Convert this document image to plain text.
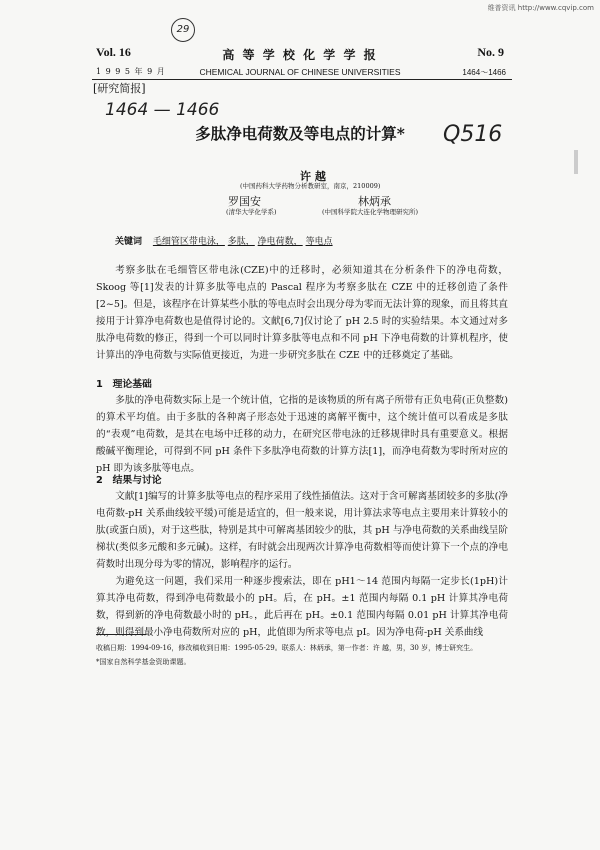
维普资讯 http://www.cqvip.com
29
Vol. 16
1 9 9 5 年 9 月
高 等 学 校 化 学 学 报
CHEMICAL JOURNAL OF CHINESE UNIVERSITIES
No. 9
1464～1466
[研究简报]
1464 — 1466
多肽净电荷数及等电点的计算*	Q516
许 越
(中国药科大学药物分析教研室，南京，210009)
罗国安	林炳承
(清华大学化学系)	(中国科学院大连化学物理研究所)
关键词 毛细管区带电泳， 多肽， 净电荷数， 等电点

考察多肽在毛细管区带电泳(CZE)中的迁移时，必须知道其在分析条件下的净电荷数，Skoog 等[1]发表的计算多肽等电点的 Pascal 程序为考察多肽在 CZE 中的迁移创造了条件[2~5]。但是，该程序在计算某些小肽的等电点时会出现分母为零而无法计算的现象，而且将其直接用于计算净电荷数也是值得讨论的。文献[6,7]仅讨论了 pH 2.5 时的实验结果。本文通过对多肽净电荷数的修正，得到一个可以同时计算多肽等电点和不同 pH 下净电荷数的计算机程序，使计算出的净电荷数与实际值更接近，为进一步研究多肽在 CZE 中的迁移奠定了基础。

1　理论基础

多肽的净电荷数实际上是一个统计值，它指的是该物质的所有离子所带有正负电荷(正负整数)的算术平均值。由于多肽的各种离子形态处于迅速的离解平衡中，这个统计值可以看成是多肽的“表观”电荷数，是其在电场中迁移的动力，在研究区带电泳的迁移规律时具有重要意义。根据酸碱平衡理论，可得到不同 pH 条件下多肽净电荷数的计算方法[1]，而净电荷数为零时所对应的 pH 即为该多肽等电点。

2　结果与讨论

文献[1]编写的计算多肽等电点的程序采用了线性插值法。这对于含可解离基团较多的多肽(净电荷数-pH 关系曲线较平缓)可能是适宜的，但一般来说，用计算法求等电点主要用来计算较小的肽(或蛋白质)，对于这些肽，特别是其中可解离基团较少的肽，其 pH 与净电荷数的关系曲线呈阶梯状(类似多元酸和多元碱)。这样，有时就会出现两次计算净电荷数相等而使计算下一个点的净电荷数时出现分母为零的情况，影响程序的运行。

为避免这一问题，我们采用一种逐步搜索法，即在 pH1～14 范围内每隔一定步长(1pH)计算其净电荷数，得到净电荷数最小的 pH。后，在 pH。±1 范围内每隔 0.1 pH 计算其净电荷数，得到新的净电荷数最小时的 pH。，此后再在 pH。±0.1 范围内每隔 0.01 pH 计算其净电荷数，则得到最小净电荷数所对应的 pH，此值即为所求等电点 pI。因为净电荷-pH 关系曲线

收稿日期：1994-09-16，修改稿收到日期：1995-05-29。联系人：林炳承，第一作者：许 越，男，30 岁，博士研究生。
*国家自然科学基金资助课题。
